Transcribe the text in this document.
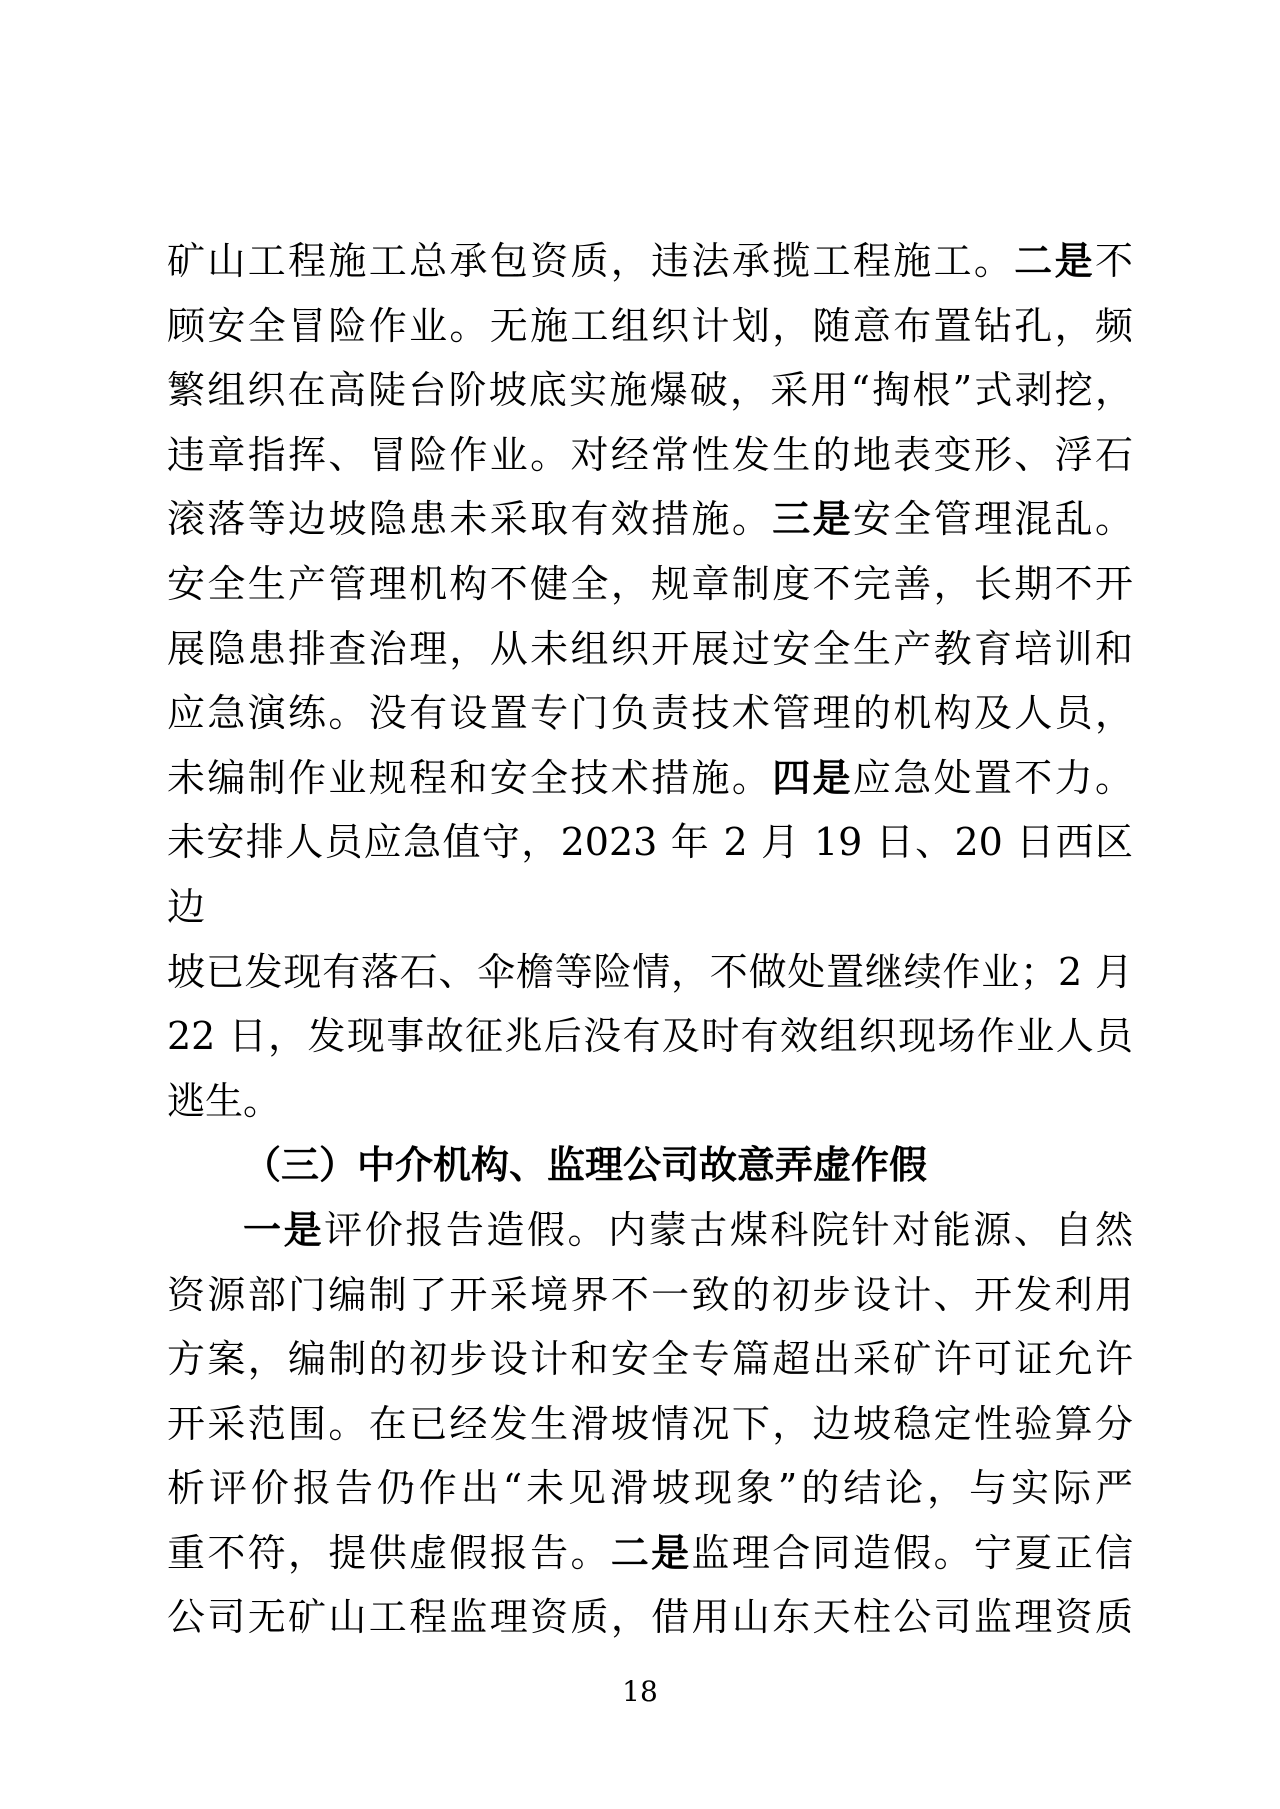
矿山工程施工总承包资质，违法承揽工程施工。二是不
顾安全冒险作业。无施工组织计划，随意布置钻孔，频
繁组织在高陡台阶坡底实施爆破，采用“掏根”式剥挖，
违章指挥、冒险作业。对经常性发生的地表变形、浮石
滚落等边坡隐患未采取有效措施。三是安全管理混乱。
安全生产管理机构不健全，规章制度不完善，长期不开
展隐患排查治理，从未组织开展过安全生产教育培训和
应急演练。没有设置专门负责技术管理的机构及人员，
未编制作业规程和安全技术措施。四是应急处置不力。
未安排人员应急值守，2023 年 2 月 19 日、20 日西区边
坡已发现有落石、伞檐等险情，不做处置继续作业；2 月
22 日，发现事故征兆后没有及时有效组织现场作业人员
逃生。
（三）中介机构、监理公司故意弄虚作假
一是评价报告造假。内蒙古煤科院针对能源、自然
资源部门编制了开采境界不一致的初步设计、开发利用
方案，编制的初步设计和安全专篇超出采矿许可证允许
开采范围。在已经发生滑坡情况下，边坡稳定性验算分
析评价报告仍作出“未见滑坡现象”的结论，与实际严
重不符，提供虚假报告。二是监理合同造假。宁夏正信
公司无矿山工程监理资质，借用山东天柱公司监理资质
18
